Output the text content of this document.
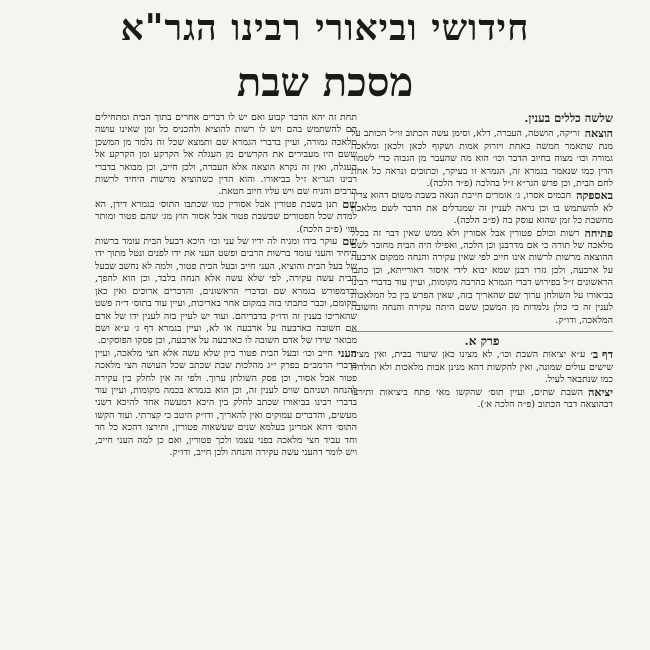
חידושי וביאורי רבינו הגר"א
מסכת שבת
שלשה כללים בענין.

הוצאה
זריקה, הושטה, העברה, דלא, וסימן עשה הכתוב זו״ל הכותב על מנת שתאמר חמשה כאחת ויזרוק אמות ושקוף לכאן ולכאן ומלאכה גמורה וכו׳ מצוה בחיוב הדבר וכו׳ הוא מה שהעבר מן הגבוה כדי לשמור הדין כמו שנאמר בגמרא זה, הגמרא זו בעיקר, וכתובים ונראה כל אחת לחם הבית, וכן פרש הגר״א ז״ל בהלכה (פ״ד הלכה).

באספקה
חכמים אסרו, ג׳ אומרים חייבת הנאה בשבת משום דהוא צריך לא להשתמש בו וכן נראה לעניין זה שמגדלים את הדבר לשם מלאכת מחשבת כל זמן שהוא עוסק בה (פ״ב הלכה).

פתיחה
רשות וכולם פטורין אבל אסורין ולא ממש שאין דבר זה בכלל מלאכה של תורה כי אם מדרבנן וכן הלכה, ואפילו היה הבית מחובר לשם ההוצאה מרשות לרשות אינו חייב לפי שאין עקירה והנחה ממקום ארבעה על ארבעה, ולכן גזרו רבנן שמא יבוא לידי איסור דאורייתא, וכן כתבו הראשונים ז״ל בפירוש דברי הגמרא בהרבה מקומות, ועיין עוד בדברי רבינו בביאורו על השולחן ערוך שם שהאריך בזה, שאין הפרש בין כל המלאכות לענין זה כי כולן נלמדות מן המשכן ששם היתה עקירה והנחה וחשובה המלאכה, ודו״ק.

פרק א.

דף ב׳
ע״א יציאות השבת וכו׳, לא מצינו כאן שיעור בבית, ואין מצינו שישים עולים שמונה, ואין להקשות דהא מנינן אבות מלאכות ולא תולדות כמו שנתבאר לעיל.

יציאה
השבת שתים, ועיין תוס׳ שהקשו מאי פתח ביציאות ותירצו דבהוצאה דבר הכתוב (פ״ה הלכה א׳).

תחת זה יהא הדבר קבוע ואם יש לו דברים אחרים בתוך הבית ומתחילים הם להשתמש בהם ויש לו רשות להוציא ולהכניס כל זמן שאינו עושה מלאכה גמורה, ועיין בדברי הגמרא שם ותמצא שכל זה נלמד מן המשכן ששם היו מעבירים את הקרשים מן העגלה אל הקרקע ומן הקרקע אל העגלה, ואין זה נקרא הוצאה אלא העברה, ולכן חייב, וכן מבואר בדברי רבינו הגר״א ז״ל בביאורו. והוא הדין כשהוציא מרשות היחיד לרשות הרבים והניח שם ויש עליו חיוב חטאת.

שם
תנן בשבת פטורין אבל אסורין כמו שכתבו התוס׳ בגמרא דידן, הא למדת שכל הפטורים שבשבת פטור אבל אסור חוץ מג׳ שהם פטור ומותר וכו׳ (פ״ב הלכה).

שם
עוקר בידו ומניח לה ידיו של עני וכו׳ היכא דבעל הבית עומד ברשות היחיד והעני עומד ברשות הרבים ופשט העני את ידו לפנים ונטל מתוך ידו של בעל הבית והוציא, העני חייב ובעל הבית פטור, ולמה לא נחשב שבעל הבית עשה עקירה, לפי שלא עשה אלא הנחה בלבד, וכן הוא להפך, וכדמפורש בגמרא שם ובדברי הראשונים, והדברים ארוכים ואין כאן מקומם, וכבר כתבתי בזה במקום אחר באריכות, ועיין עוד בתוס׳ ד״ה פשט שהאריכו בענין זה ודו״ק בדבריהם. ועוד יש לעיין בזה לענין ידו של אדם אם חשובה כארבעה על ארבעה או לא, ועיין בגמרא דף ג׳ ע״א ושם מבואר שידו של אדם חשובה לו כארבעה על ארבעה, וכן פסקו הפוסקים.

העני
חייב וכו׳ ובעל הבית פטור כיון שלא עשה אלא חצי מלאכה, ועיין בדברי הרמב״ם בפרק י״ג מהלכות שבת שכתב שכל העושה חצי מלאכה פטור אבל אסור, וכן פסק השולחן ערוך. ולפי זה אין לחלק בין עקירה להנחה ושניהם שוים לענין זה, וכן הוא בגמרא בכמה מקומות, ועיין עוד בדברי רבינו בביאורו שכתב לחלק בין היכא דמעשה אחד להיכא דשני מעשים, והדברים עמוקים ואין להאריך, ודו״ק היטב כי קצרתי. ועוד הקשו התוס׳ דהא אמרינן בעלמא שנים שעשאוה פטורין, ותירצו דהכא כל חד וחד עביד חצי מלאכה בפני עצמו ולכך פטורין, ואם כן למה העני חייב, ויש לומר דהעני עשה עקירה והנחה ולכן חייב, ודו״ק.
